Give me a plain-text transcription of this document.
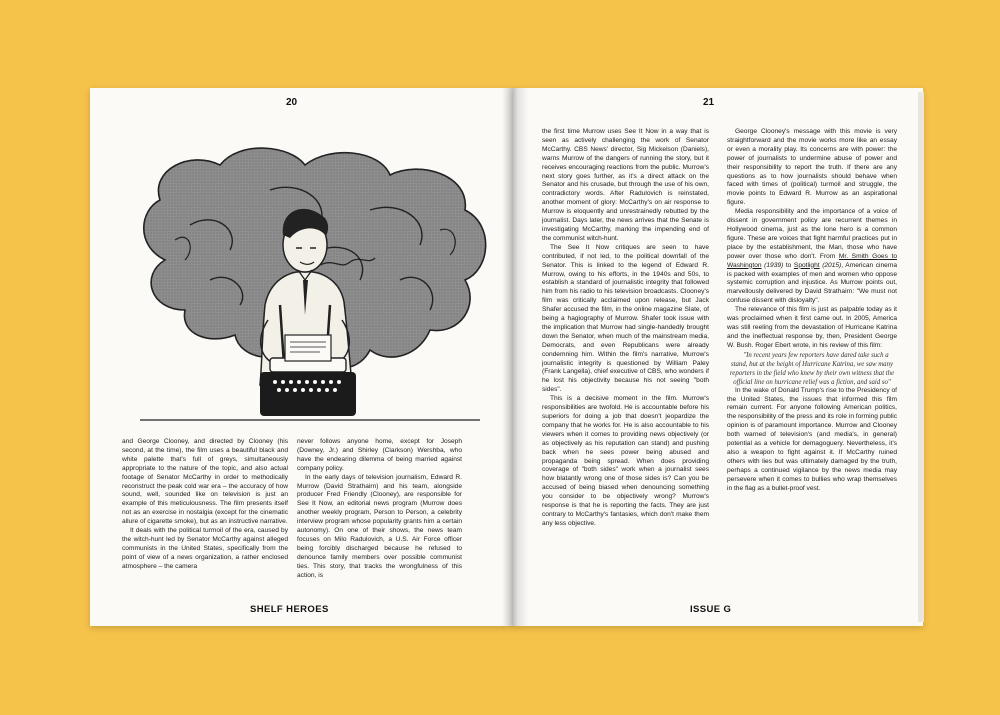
20	21

and George Clooney, and directed by Clooney (his second, at the time), the film uses a beautiful black and white palette that's full of greys, simultaneously appropriate to the nature of the topic, and also actual footage of Senator McCarthy in order to methodically reconstruct the peak cold war era – the accuracy of how sound, well, sounded like on television is just an example of this meticulousness. The film presents itself not as an exercise in nostalgia (except for the cinematic allure of cigarette smoke), but as an instructive narrative.

It deals with the political turmoil of the era, caused by the witch-hunt led by Senator McCarthy against alleged communists in the United States, specifically from the point of view of a news organization, a rather enclosed atmosphere – the camera

never follows anyone home, except for Joseph (Downey, Jr.) and Shirley (Clarkson) Wershba, who have the endearing dilemma of being married against company policy.

In the early days of television journalism, Edward R. Murrow (David Strathairn) and his team, alongside producer Fred Friendly (Clooney), are responsible for See It Now, an editorial news program (Murrow does another weekly program, Person to Person, a celebrity interview program whose popularity grants him a certain autonomy). On one of their shows, the news team focuses on Milo Radulovich, a U.S. Air Force officer being forcibly discharged because he refused to denounce family members over possible communist ties. This story, that tracks the wrongfulness of this action, is

the first time Murrow uses See It Now in a way that is seen as actively challenging the work of Senator McCarthy. CBS News' director, Sig Mickelson (Daniels), warns Murrow of the dangers of running the story, but it receives encouraging reactions from the public. Murrow's next story goes further, as it's a direct attack on the Senator and his crusade, but through the use of his own, contradictory words. After Radulovich is reinstated, another moment of glory: McCarthy's on air response to Murrow is eloquently and unrestrainedly rebutted by the journalist. Days later, the news arrives that the Senate is investigating McCarthy, marking the impending end of the communist witch-hunt.

The See It Now critiques are seen to have contributed, if not led, to the political downfall of the Senator. This is linked to the legend of Edward R. Murrow, owing to his efforts, in the 1940s and 50s, to establish a standard of journalistic integrity that followed him from his radio to his television broadcasts. Clooney's film was critically acclaimed upon release, but Jack Shafer accused the film, in the online magazine Slate, of being a hagiography of Murrow. Shafer took issue with the implication that Murrow had single-handedly brought down the Senator, when much of the mainstream media, Democrats, and even Republicans were already condemning him. Within the film's narrative, Murrow's journalistic integrity is questioned by William Paley (Frank Langella), chief executive of CBS, who wonders if he lost his objectivity because his not seeing "both sides".

This is a decisive moment in the film. Murrow's responsibilities are twofold. He is accountable before his superiors for doing a job that doesn't jeopardize the company that he works for. He is also accountable to his viewers when it comes to providing news objectively (or as objectively as his reputation can stand) and pushing back when he sees power being abused and propaganda being spread. When does providing coverage of "both sides" work when a journalist sees how blatantly wrong one of those sides is? Can you be accused of being biased when denouncing something you consider to be objectively wrong? Murrow's response is that he is reporting the facts. They are just contrary to McCarthy's fantasies, which don't make them any less objective.

George Clooney's message with this movie is very straightforward and the movie works more like an essay or even a morality play. Its concerns are with power: the power of journalists to undermine abuse of power and their responsibility to report the truth. If there are any questions as to how journalists should behave when faced with times of (political) turmoil and struggle, the movie points to Edward R. Murrow as an aspirational figure.

Media responsibility and the importance of a voice of dissent in government policy are recurrent themes in Hollywood cinema, just as the lone hero is a common figure. These are voices that fight harmful practices put in place by the establishment, the Man, those who have power over those who don't. From Mr. Smith Goes to Washington (1939) to Spotlight (2015), American cinema is packed with examples of men and women who oppose systemic corruption and injustice. As Murrow points out, marvellously delivered by David Strathairn: "We must not confuse dissent with disloyalty".

The relevance of this film is just as palpable today as it was proclaimed when it first came out. In 2005, America was still reeling from the devastation of Hurricane Katrina and the ineffectual response by, then, President George W. Bush. Roger Ebert wrote, in his review of this film:

"In recent years few reporters have dared take such a stand, but at the height of Hurricane Katrina, we saw many reporters in the field who knew by their own witness that the official line on hurricane relief was a fiction, and said so"

In the wake of Donald Trump's rise to the Presidency of the United States, the issues that informed this film remain current. For anyone following American politics, the responsibility of the press and its role in forming public opinion is of paramount importance. Murrow and Clooney both warned of television's (and media's, in general) potential as a vehicle for demagoguery. Nevertheless, it's also a weapon to fight against it. If McCarthy ruined others with lies but was ultimately damaged by the truth, perhaps a continued vigilance by the news media may persevere when it comes to bullies who wrap themselves in the flag as a bullet-proof vest.

SHELF HEROES	ISSUE G
